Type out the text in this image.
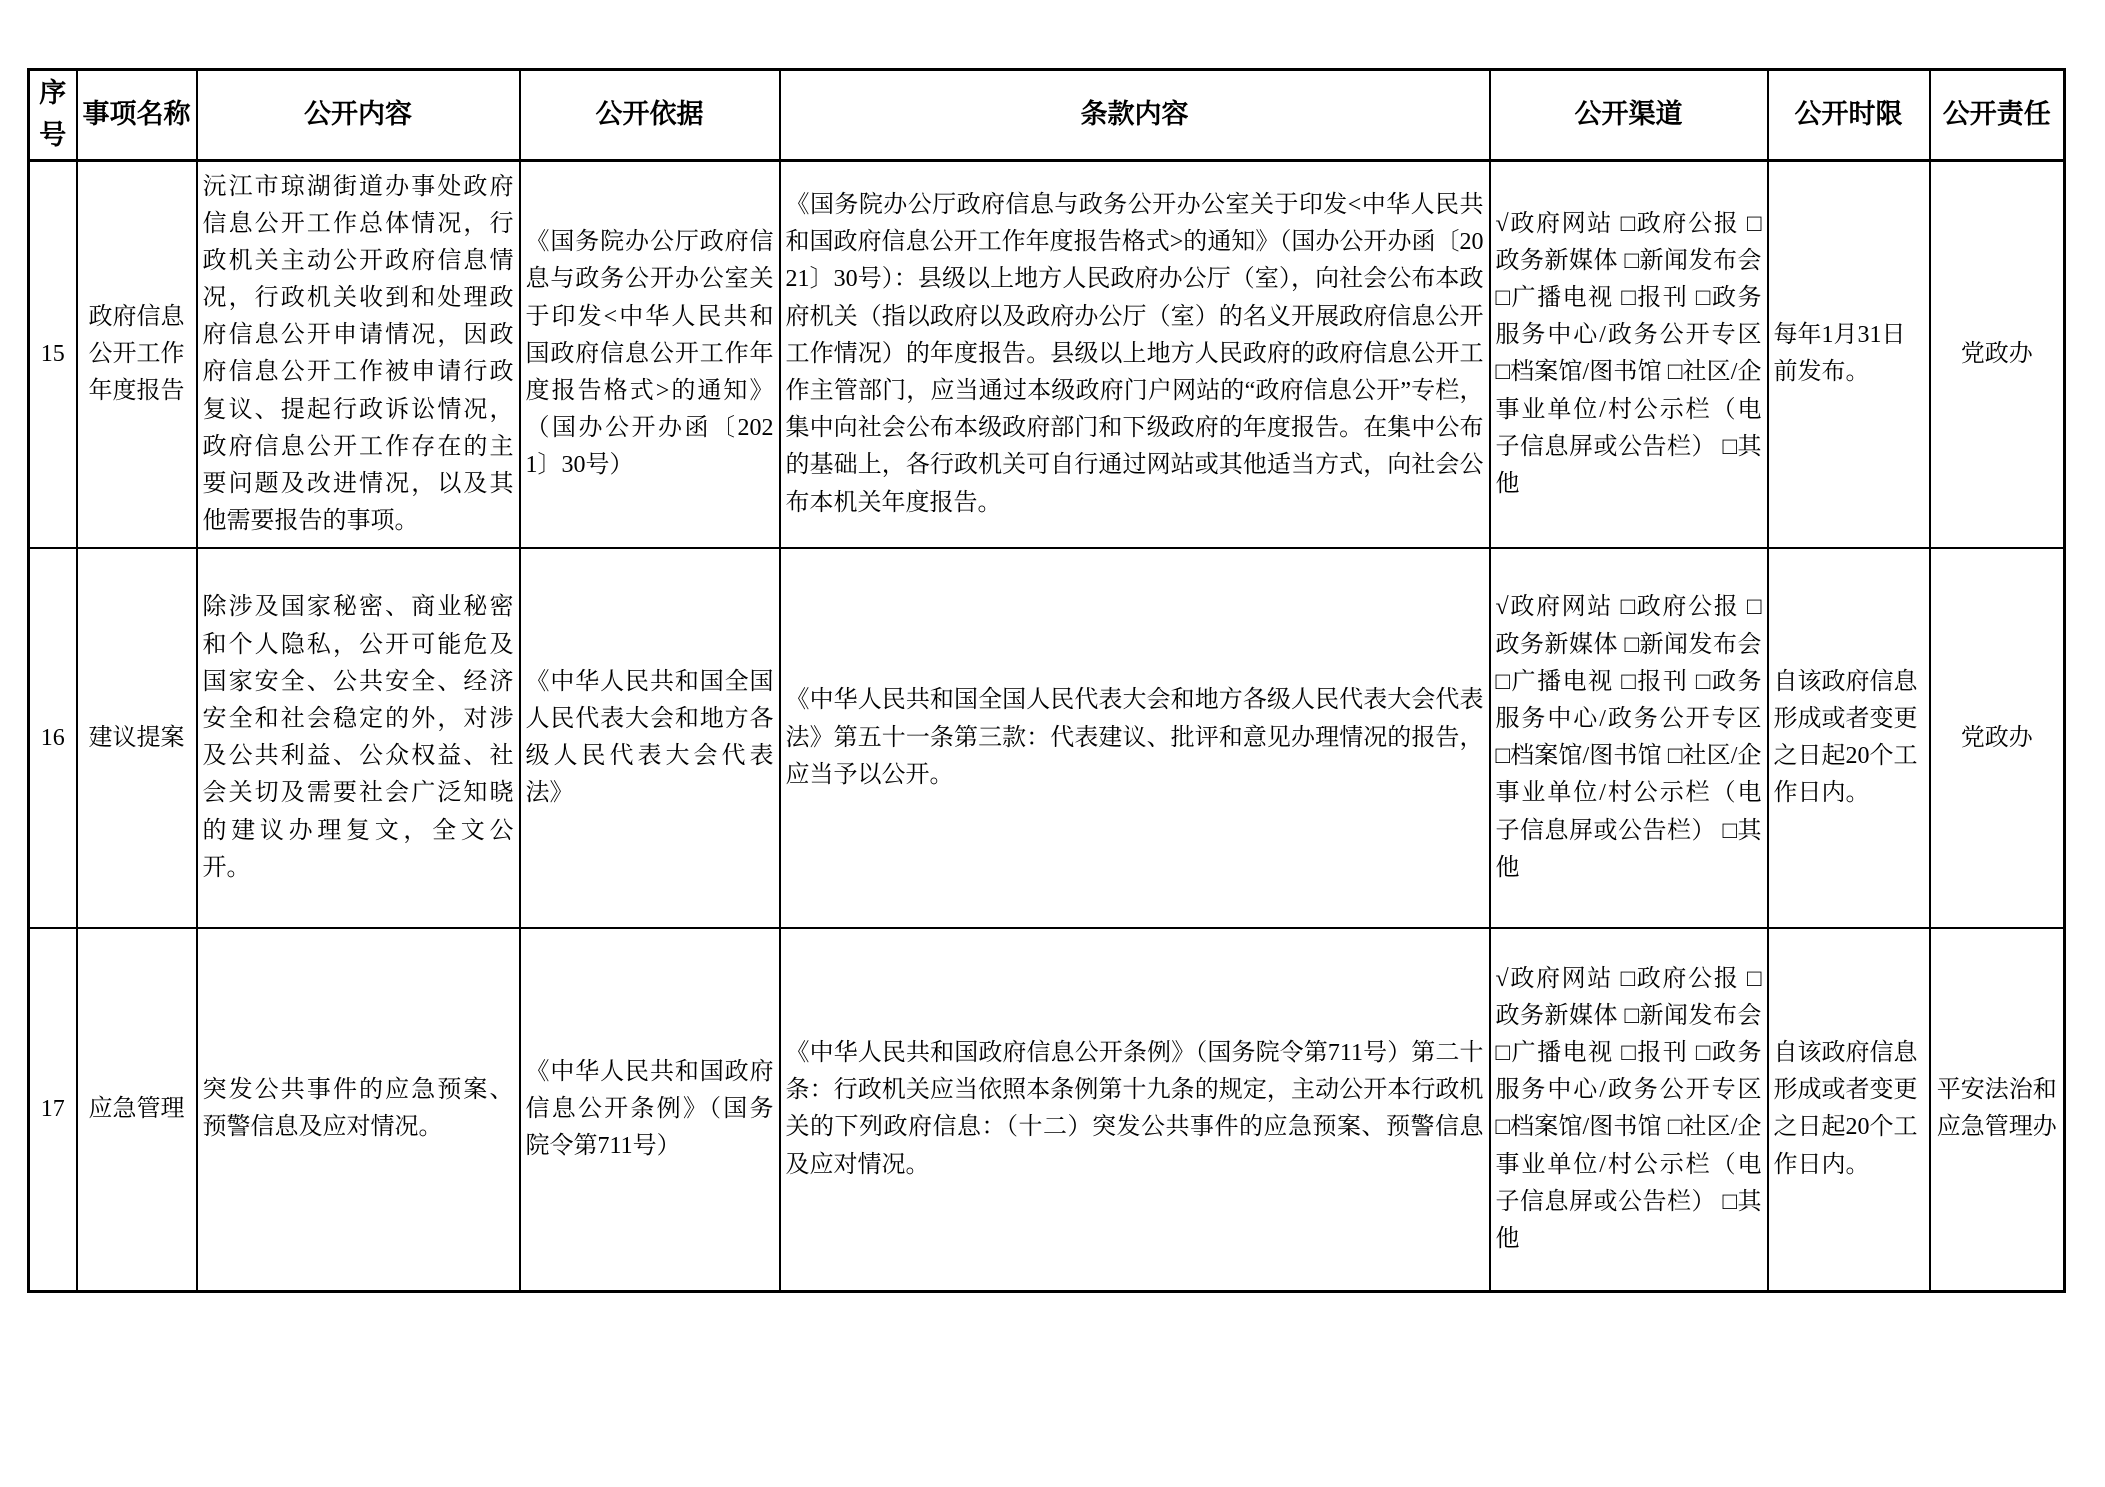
序号	事项名称	公开内容	公开依据	条款内容	公开渠道	公开时限	公开责任
15	政府信息公开工作年度报告	沅江市琼湖街道办事处政府信息公开工作总体情况，行政机关主动公开政府信息情况，行政机关收到和处理政府信息公开申请情况，因政府信息公开工作被申请行政复议、提起行政诉讼情况，政府信息公开工作存在的主要问题及改进情况，以及其他需要报告的事项。	《国务院办公厅政府信息与政务公开办公室关于印发<中华人民共和国政府信息公开工作年度报告格式>的通知》（国办公开办函〔2021〕30号）	《国务院办公厅政府信息与政务公开办公室关于印发<中华人民共和国政府信息公开工作年度报告格式>的通知》（国办公开办函〔2021〕30号）：县级以上地方人民政府办公厅（室），向社会公布本政府机关（指以政府以及政府办公厅（室）的名义开展政府信息公开工作情况）的年度报告。县级以上地方人民政府的政府信息公开工作主管部门，应当通过本级政府门户网站的“政府信息公开”专栏，集中向社会公布本级政府部门和下级政府的年度报告。在集中公布的基础上，各行政机关可自行通过网站或其他适当方式，向社会公布本机关年度报告。	√政府网站 □政府公报 □政务新媒体 □新闻发布会 □广播电视 □报刊 □政务服务中心/政务公开专区 □档案馆/图书馆 □社区/企事业单位/村公示栏（电子信息屏或公告栏） □其他	每年1月31日前发布。	党政办
16	建议提案	除涉及国家秘密、商业秘密和个人隐私，公开可能危及国家安全、公共安全、经济安全和社会稳定的外，对涉及公共利益、公众权益、社会关切及需要社会广泛知晓的建议办理复文，全文公开。	《中华人民共和国全国人民代表大会和地方各级人民代表大会代表法》	《中华人民共和国全国人民代表大会和地方各级人民代表大会代表法》第五十一条第三款：代表建议、批评和意见办理情况的报告，应当予以公开。	√政府网站 □政府公报 □政务新媒体 □新闻发布会 □广播电视 □报刊 □政务服务中心/政务公开专区 □档案馆/图书馆 □社区/企事业单位/村公示栏（电子信息屏或公告栏） □其他	自该政府信息形成或者变更之日起20个工作日内。	党政办
17	应急管理	突发公共事件的应急预案、预警信息及应对情况。	《中华人民共和国政府信息公开条例》（国务院令第711号）	《中华人民共和国政府信息公开条例》（国务院令第711号）第二十条：行政机关应当依照本条例第十九条的规定，主动公开本行政机关的下列政府信息：（十二）突发公共事件的应急预案、预警信息及应对情况。	√政府网站 □政府公报 □政务新媒体 □新闻发布会 □广播电视 □报刊 □政务服务中心/政务公开专区 □档案馆/图书馆 □社区/企事业单位/村公示栏（电子信息屏或公告栏） □其他	自该政府信息形成或者变更之日起20个工作日内。	平安法治和应急管理办
